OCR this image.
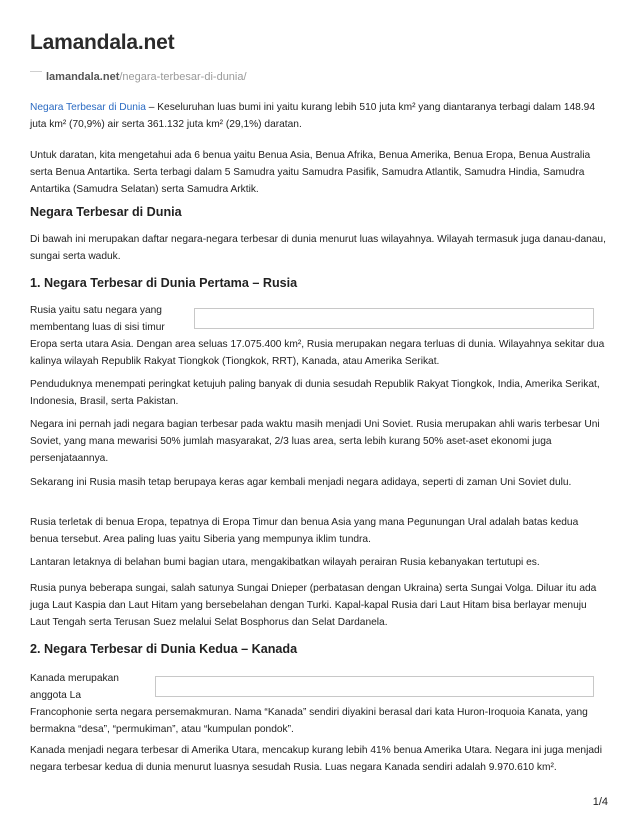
Lamandala.net
lamandala.net /negara-terbesar-di-dunia/

Negara Terbesar di Dunia – Keseluruhan luas bumi ini yaitu kurang lebih 510 juta km² yang diantaranya terbagi dalam 148.94 juta km² (70,9%) air serta 361.132 juta km² (29,1%) daratan.

Untuk daratan, kita mengetahui ada 6 benua yaitu Benua Asia, Benua Afrika, Benua Amerika, Benua Eropa, Benua Australia serta Benua Antartika. Serta terbagi dalam 5 Samudra yaitu Samudra Pasifik, Samudra Atlantik, Samudra Hindia, Samudra Antartika (Samudra Selatan) serta Samudra Arktik.

Negara Terbesar di Dunia

Di bawah ini merupakan daftar negara-negara terbesar di dunia menurut luas wilayahnya. Wilayah termasuk juga danau-danau, sungai serta waduk.

1. Negara Terbesar di Dunia Pertama – Rusia
Rusia yaitu satu negara yang
membentang luas di sisi timur

Eropa serta utara Asia. Dengan area seluas 17.075.400 km², Rusia merupakan negara terluas di dunia. Wilayahnya sekitar dua kalinya wilayah Republik Rakyat Tiongkok (Tiongkok, RRT), Kanada, atau Amerika Serikat.

Penduduknya menempati peringkat ketujuh paling banyak di dunia sesudah Republik Rakyat Tiongkok, India, Amerika Serikat, Indonesia, Brasil, serta Pakistan.

Negara ini pernah jadi negara bagian terbesar pada waktu masih menjadi Uni Soviet. Rusia merupakan ahli waris terbesar Uni Soviet, yang mana mewarisi 50% jumlah masyarakat, 2/3 luas area, serta lebih kurang 50% aset-aset ekonomi juga persenjataannya.

Sekarang ini Rusia masih tetap berupaya keras agar kembali menjadi negara adidaya, seperti di zaman Uni Soviet dulu.

Rusia terletak di benua Eropa, tepatnya di Eropa Timur dan benua Asia yang mana Pegunungan Ural adalah batas kedua benua tersebut. Area paling luas yaitu Siberia yang mempunya iklim tundra.

Lantaran letaknya di belahan bumi bagian utara, mengakibatkan wilayah perairan Rusia kebanyakan tertutupi es.

Rusia punya beberapa sungai, salah satunya Sungai Dnieper (perbatasan dengan Ukraina) serta Sungai Volga. Diluar itu ada juga Laut Kaspia dan Laut Hitam yang bersebelahan dengan Turki. Kapal-kapal Rusia dari Laut Hitam bisa berlayar menuju Laut Tengah serta Terusan Suez melalui Selat Bosphorus dan Selat Dardanela.

2. Negara Terbesar di Dunia Kedua – Kanada
Kanada merupakan
anggota La

Francophonie serta negara persemakmuran. Nama “Kanada” sendiri diyakini berasal dari kata Huron-Iroquoia Kanata, yang bermakna “desa”, “permukiman”, atau “kumpulan pondok”.

Kanada menjadi negara terbesar di Amerika Utara, mencakup kurang lebih 41% benua Amerika Utara. Negara ini juga menjadi negara terbesar kedua di dunia menurut luasnya sesudah Rusia. Luas negara Kanada sendiri adalah 9.970.610 km².

1/4
